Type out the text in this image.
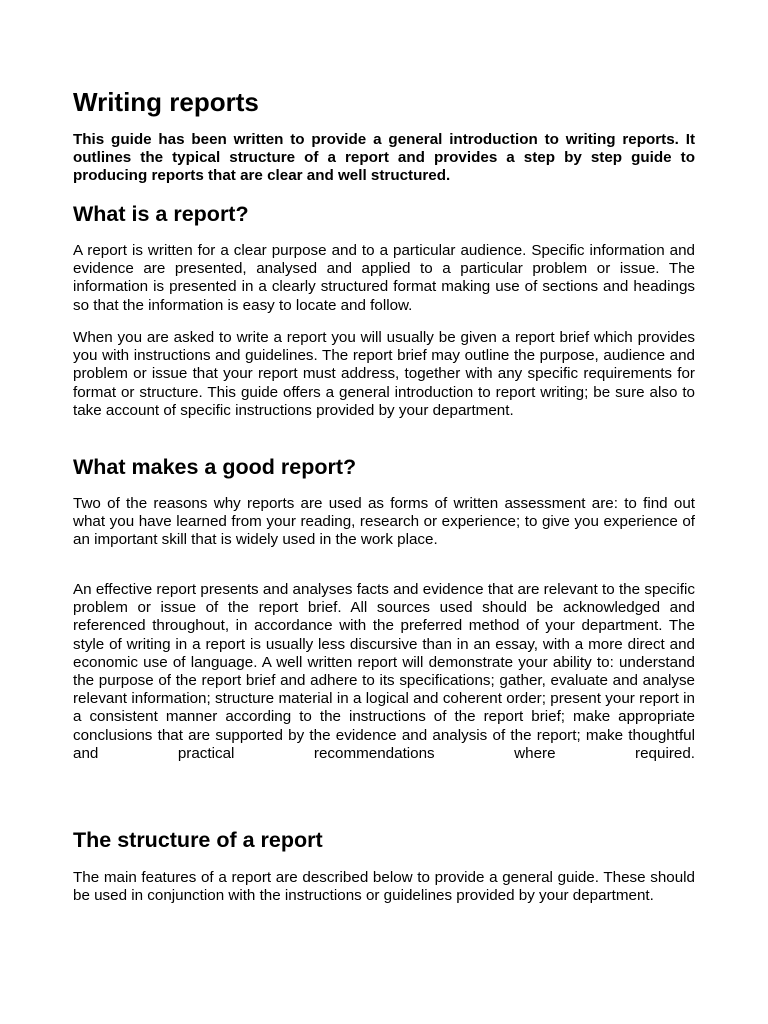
Writing reports

This guide has been written to provide a general introduction to writing reports. It outlines the typical structure of a report and provides a step by step guide to producing reports that are clear and well structured.

What is a report?

A report is written for a clear purpose and to a particular audience. Specific information and evidence are presented, analysed and applied to a particular problem or issue. The information is presented in a clearly structured format making use of sections and headings so that the information is easy to locate and follow.

When you are asked to write a report you will usually be given a report brief which provides you with instructions and guidelines. The report brief may outline the purpose, audience and problem or issue that your report must address, together with any specific requirements for format or structure. This guide offers a general introduction to report writing; be sure also to take account of specific instructions provided by your department.

What makes a good report?

Two of the reasons why reports are used as forms of written assessment are: to find out what you have learned from your reading, research or experience; to give you experience of an important skill that is widely used in the work place.

An effective report presents and analyses facts and evidence that are relevant to the specific problem or issue of the report brief. All sources used should be acknowledged and referenced throughout, in accordance with the preferred method of your department. The style of writing in a report is usually less discursive than in an essay, with a more direct and economic use of language. A well written report will demonstrate your ability to: understand the purpose of the report brief and adhere to its specifications; gather, evaluate and analyse relevant information; structure material in a logical and coherent order; present your report in a consistent manner according to the instructions of the report brief; make appropriate conclusions that are supported by the evidence and analysis of the report; make thoughtful and practical recommendations where required.

The structure of a report

The main features of a report are described below to provide a general guide. These should be used in conjunction with the instructions or guidelines provided by your department.
